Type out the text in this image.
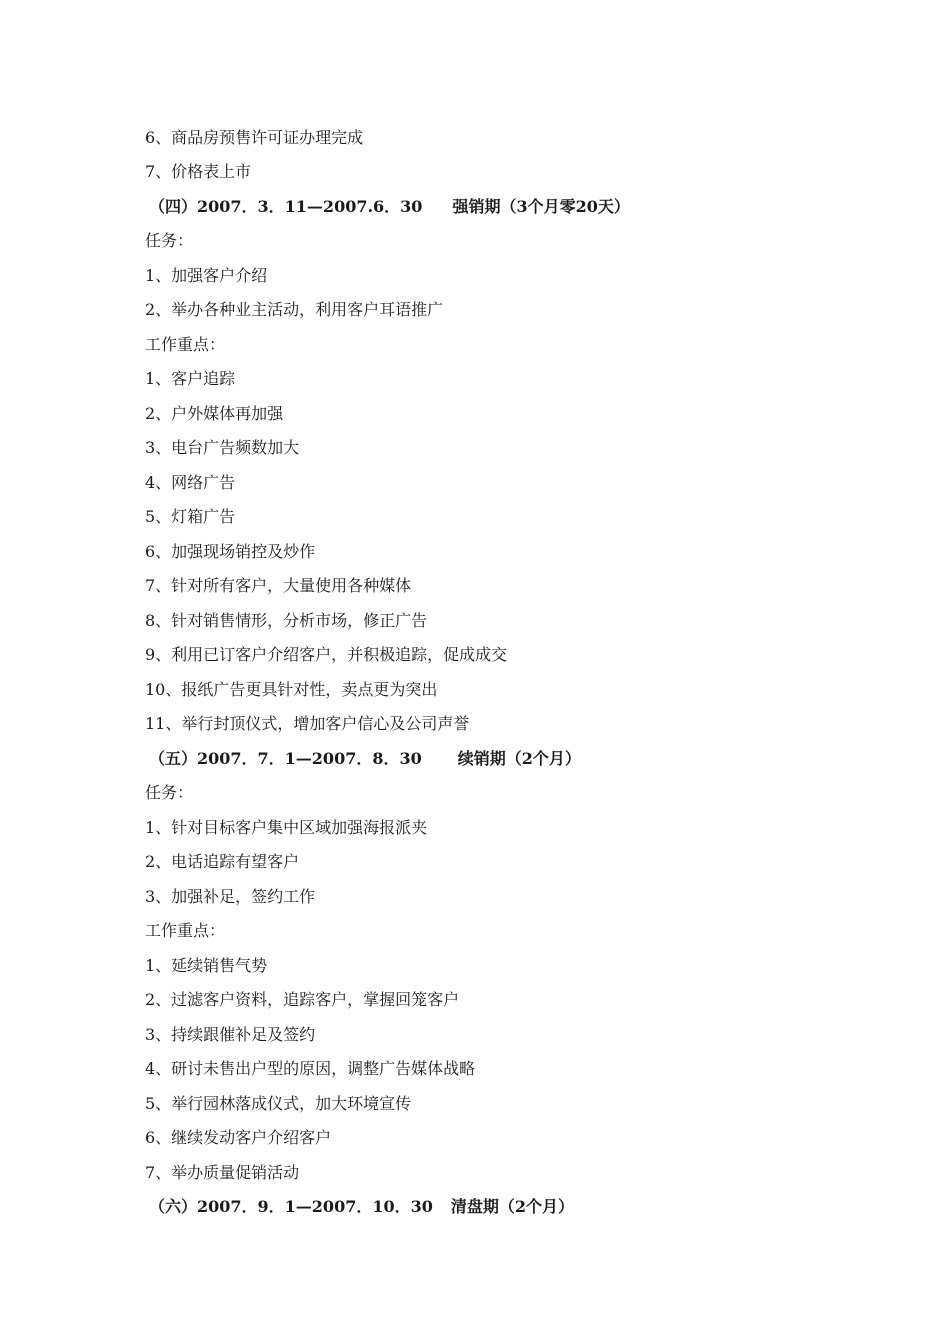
6、商品房预售许可证办理完成
7、价格表上市
（四）2007．3．11—2007.6．30 强销期（3个月零20天）
任务：
1、加强客户介绍
2、举办各种业主活动，利用客户耳语推广
工作重点：
1、客户追踪
2、户外媒体再加强
3、电台广告频数加大
4、网络广告
5、灯箱广告
6、加强现场销控及炒作
7、针对所有客户，大量使用各种媒体
8、针对销售情形，分析市场，修正广告
9、利用已订客户介绍客户，并积极追踪，促成成交
10、报纸广告更具针对性，卖点更为突出
11、举行封顶仪式，增加客户信心及公司声誉
（五）2007．7．1—2007．8．30 续销期（2个月）
任务：
1、针对目标客户集中区域加强海报派夹
2、电话追踪有望客户
3、加强补足，签约工作
工作重点：
1、延续销售气势
2、过滤客户资料，追踪客户，掌握回笼客户
3、持续跟催补足及签约
4、研讨未售出户型的原因，调整广告媒体战略
5、举行园林落成仪式，加大环境宣传
6、继续发动客户介绍客户
7、举办质量促销活动
（六）2007．9．1—2007．10．30 清盘期（2个月）
